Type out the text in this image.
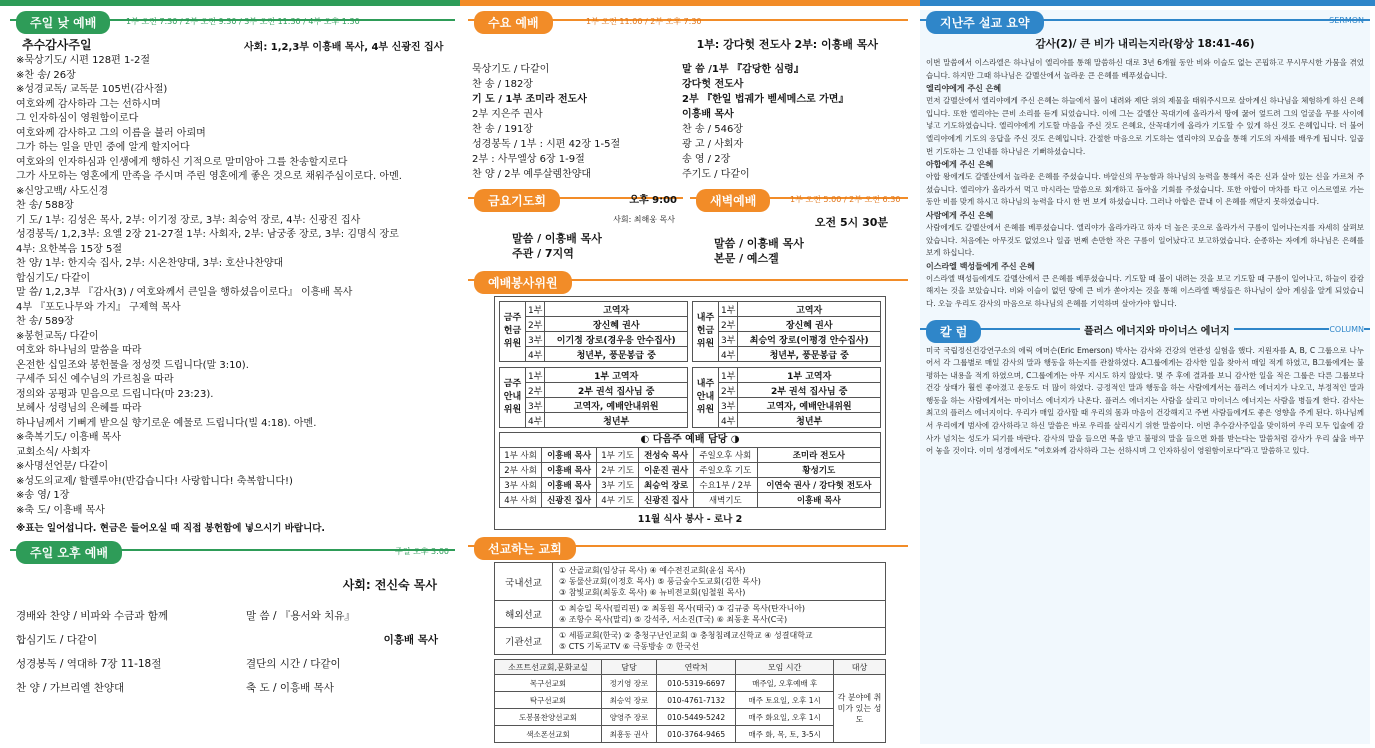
주일 낮 예배	1부 오전 7:30 / 2부 오전 9:30 / 3부 오전 11:30 / 4부 오후 1:30
추수감사주일	사회: 1,2,3부 이흥배 목사, 4부 신광진 집사
※묵상기도/ 시편 128편 1-2절
※찬 송/ 26장
※성경교독/ 교독문 105번(감사절)
여호와께 감사하라 그는 선하시며
그 인자하심이 영원함이로다
여호와께 감사하고 그의 이름을 불러 아뢰며
그가 하는 일을 만민 중에 알게 할지어다
여호와의 인자하심과 인생에게 행하신 기적으로 말미암아 그를 찬송할지로다
그가 사모하는 영혼에게 만족을 주시며 주린 영혼에게 좋은 것으로 채워주심이로다. 아멘.
※신앙고백/ 사도신경
찬 송/ 588장
기 도/ 1부: 김성은 목사, 2부: 이기정 장로, 3부: 최승억 장로, 4부: 신광진 집사
성경봉독/ 1,2,3부: 요엘 2장 21-27절 1부: 사회자, 2부: 남궁종 장로, 3부: 김명식 장로
4부: 요한복음 15장 5절
찬 양/ 1부: 한지숙 집사, 2부: 시온찬양대, 3부: 호산나찬양대
합심기도/ 다같이
말 씀/ 1,2,3부 『감사(3) / 여호와께서 큰일을 행하셨음이로다』 이흥배 목사
4부 『포도나무와 가지』 구제혁 목사
찬 송/ 589장
※봉헌교독/ 다같이
여호와 하나님의 말씀을 따라
온전한 십일조와 봉헌물을 정성껏 드립니다(말 3:10).
구세주 되신 예수님의 가르침을 따라
정의와 공평과 믿음으로 드립니다(마 23:23).
보혜사 성령님의 은혜를 따라
하나님께서 기뻐게 받으실 향기로운 예물로 드립니다(빌 4:18). 아멘.
※축복기도/ 이흥배 목사
교회소식/ 사회자
※사명선언문/ 다같이
※성도의교제/ 할렐루야!(반갑습니다! 사랑합니다! 축복합니다!)
※송 영/ 1장
※축 도/ 이흥배 목사
※표는 일어섭니다. 현금은 들어오실 때 직접 봉헌함에 넣으시기 바랍니다.
주일 오후 예배	주일 오후 3:00
사회: 전신숙 목사
경배와 찬양 / 비파와 수금과 함께	말 씀 / 『용서와 치유』
합심기도 / 다같이	이흥배 목사
성경봉독 / 역대하 7장 11-18절	결단의 시간 / 다같이
찬 양 / 가브리엘 찬양대	축 도 / 이흥배 목사
수요 예배	1부 오전 11:00 / 2부 오후 7:30
1부: 강다헛 전도사 2부: 이흥배 목사
묵상기도 / 다같이
찬 송 / 182장
기 도 / 1부 조미라 전도사
2부 지은주 권사
찬 송 / 191장
성경봉독 / 1부 : 시편 42장 1-5절
2부 : 사무엘상 6장 1-9절
찬 양 / 2부 예루살렘찬양대
말 씀 /1부 『감당한 심령』
강다헛 전도사
2부 『한일 법궤가 벧세메스로 가면』
이흥배 목사
찬 송 / 546장
광 고 / 사회자
송 영 / 2장
주기도 / 다같이
금요기도회	오후 9:00
사회: 최해웅 목사
말씀 / 이흥배 목사
주관 / 7지역
새벽예배	1부 오전 5:00 / 2부 오전 6:30
오전 5시 30분
말씀 / 이흥배 목사
본문 / 예스겔
예배봉사위원
금주 헌금 위원	1부	고역자
	2부	장신혜 권사
	3부	이기정 장로(경우응 안수집사)
	4부	청년부, 풍문봉급 중
내주 헌금 위원	1부	고역자
	2부	장신혜 권사
	3부	최승억 장로(이평경 안수집사)
	4부	청년부, 풍문봉급 중
금주 안내 위원	1부	1부 고역자
	2부	2부 권석 집사님 중
	3부	고역자, 예배안내위원
	4부	청년부
내주 안내 위원	1부	1부 고역자
	2부	2부 권석 집사님 중
	3부	고역자, 예배안내위원
	4부	청년부
◐ 다음주 예배 담당 ◑
1부 사회	이흥배 목사	1부 기도	전성숙 목사	주일오후 사회	조미라 전도사
2부 사회	이흥배 목사	2부 기도	이운진 권사	주일오후 기도	황성기도
3부 사회	이흥배 목사	3부 기도	최승억 장로	수요1부 / 2부	이연숙 권사 / 강다헛 전도사
4부 사회	신광진 집사	4부 기도	신광진 집사	새벽기도	이흥배 목사
11월 식사 봉사 - 로나 2
선교하는 교회
국내선교	① 산골교회(임상규 목사) ④ 예수전진교회(윤심 목사)
② 동물산교회(이정호 목사) ⑤ 풍금숲수도교회(김한 목사)
③ 참빛교회(최동호 목사) ⑥ 뉴비전교회(임철원 목사)

해외선교	① 최승일 목사(필리핀) ② 최동원 목사(태국) ③ 김규중 목사(탄자니아)
④ 조항수 목사(말리) ⑤ 강석주, 서소진(T국) ⑥ 최동훈 목사(C국)

기관선교	① 세뜸교회(한국) ② 충청구난인교회 ③ 충청침례교신학교 ④ 성결대학교
⑤ CTS 기독교TV ⑥ 극동방송 ⑦ 한국선
소프트선교회,문화교실	담당	연락처	모임 시간	대상
목구선교회	정기영 장로	010-5319-6697	매주일, 오후예배 후	각 분야에 취미가 있는 성도
탁구선교회	최승억 장로	010-4761-7132	매주 토요일, 오후 1시	
도봉몸찬양선교회	양영주 장로	010-5449-5242	매주 화요일, 오후 1시	
색소폰선교회	최흥동 권사	010-3764-9465	매주 화, 목, 토, 3-5시	
지난주 설교 요약	SERMON
감사(2)/ 큰 비가 내리는지라(왕상 18:41-46)
이번 말씀에서 이스라엘은 하나님이 엘리야를 통해 말씀하신 대로 3년 6개월 동안 비와 이슬도 없는 곤핍하고 무시무시한 가뭄을 겪었습니다. 하지만 그때 하나님은 갈멜산에서 놀라운 큰 은혜를 베푸셨습니다.
엘리야에게 주신 은혜
먼저 갈멜산에서 엘리야에게 주신 은혜는 하늘에서 불이 내려와 제단 위의 제물을 태워주시므로 살아계신 하나님을 체험하게 하신 은혜입니다. 또한 엘리야는 큰비 소리를 듣게 되었습니다. 이에 그는 갈멜산 꼭대기에 올라가서 땅에 꿇어 엎드려 그의 얼굴을 무릎 사이에 넣고 기도하였습니다. 엘리야에게 기도할 마음을 주신 것도 은혜요, 산꼭대기에 올라가 기도할 수 있게 하신 것도 은혜입니다. 더 불어 엘리야에게 기도의 응답을 주신 것도 은혜입니다. 간절한 마음으로 기도하는 엘리야의 모습을 통해 기도의 자세를 배우게 됩니다. 일곱 번 기도하는 그 인내를 하나님은 기뻐하셨습니다.
아합에게 주신 은혜
아합 왕에게도 갈멜산에서 놀라운 은혜를 주셨습니다. 바알신의 무능함과 하나님의 능력을 통해서 죽은 신과 살아 있는 신을 가르쳐 주셨습니다. 엘리야가 올라가서 먹고 마시라는 말씀으로 회개하고 돌아올 기회를 주셨습니다. 또한 아합이 마차를 타고 이스르엘로 가는 동안 비를 맞게 하시고 하나님의 능력을 다시 한 번 보게 하셨습니다. 그러나 아합은 끝내 이 은혜를 깨닫지 못하였습니다.
사람에게 주신 은혜
사람에게도 갈멜산에서 은혜를 베푸셨습니다. 엘리야가 올라가라고 하자 더 높은 곳으로 올라가서 구름이 일어나는지를 자세히 살펴보았습니다. 처음에는 아무것도 없었으나 일곱 번째 손만한 작은 구름이 일어났다고 보고하였습니다. 순종하는 자에게 하나님은 은혜를 보게 하십니다.
이스라엘 백성들에게 주신 은혜
이스라엘 백성들에게도 갈멜산에서 큰 은혜를 베푸셨습니다. 기도할 때 불이 내려는 것을 보고 기도할 때 구름이 일어나고, 하늘이 캄캄해지는 것을 보았습니다. 비와 이슬이 없던 땅에 큰 비가 쏟아지는 것을 통해 이스라엘 백성들은 하나님이 살아 계심을 알게 되었습니다. 오늘 우리도 감사의 마음으로 하나님의 은혜를 기억하며 살아가야 합니다.
칼 럼	플러스 에너지와 마이너스 에너지	COLUMN
미국 국립정신건강연구소의 에릭 에머슨(Eric Emerson) 박사는 감사와 건강의 연관성 실험을 했다. 지원자를 A, B, C 그룹으로 나누어서 각 그룹별로 매일 감사의 말과 행동을 하는지를 관찰하였다. A그룹에게는 감사한 일을 찾아서 매일 적게 하였고, B그룹에게는 불평하는 내용을 적게 하였으며, C그룹에게는 아무 지시도 하지 않았다. 몇 주 후에 결과를 보니 감사한 일을 적은 그룹은 다른 그룹보다 건강 상태가 훨씬 좋아졌고 운동도 더 많이 하였다. 긍정적인 말과 행동을 하는 사람에게서는 플러스 에너지가 나오고, 부정적인 말과 행동을 하는 사람에게서는 마이너스 에너지가 나온다. 플러스 에너지는 사람을 살리고 마이너스 에너지는 사람을 병들게 한다. 감사는 최고의 플러스 에너지이다. 우리가 매일 감사할 때 우리의 몸과 마음이 건강해지고 주변 사람들에게도 좋은 영향을 주게 된다. 하나님께서 우리에게 범사에 감사하라고 하신 말씀은 바로 우리를 살리시기 위한 말씀이다. 이번 추수감사주일을 맞이하여 우리 모두 입술에 감사가 넘치는 성도가 되기를 바란다. 감사의 말을 들으면 복을 받고 불평의 말을 들으면 화를 받는다는 말씀처럼 감사가 우리 삶을 바꾸어 놓을 것이다. 이미 성경에서도 "여호와께 감사하라 그는 선하시며 그 인자하심이 영원함이로다"라고 말씀하고 있다.
